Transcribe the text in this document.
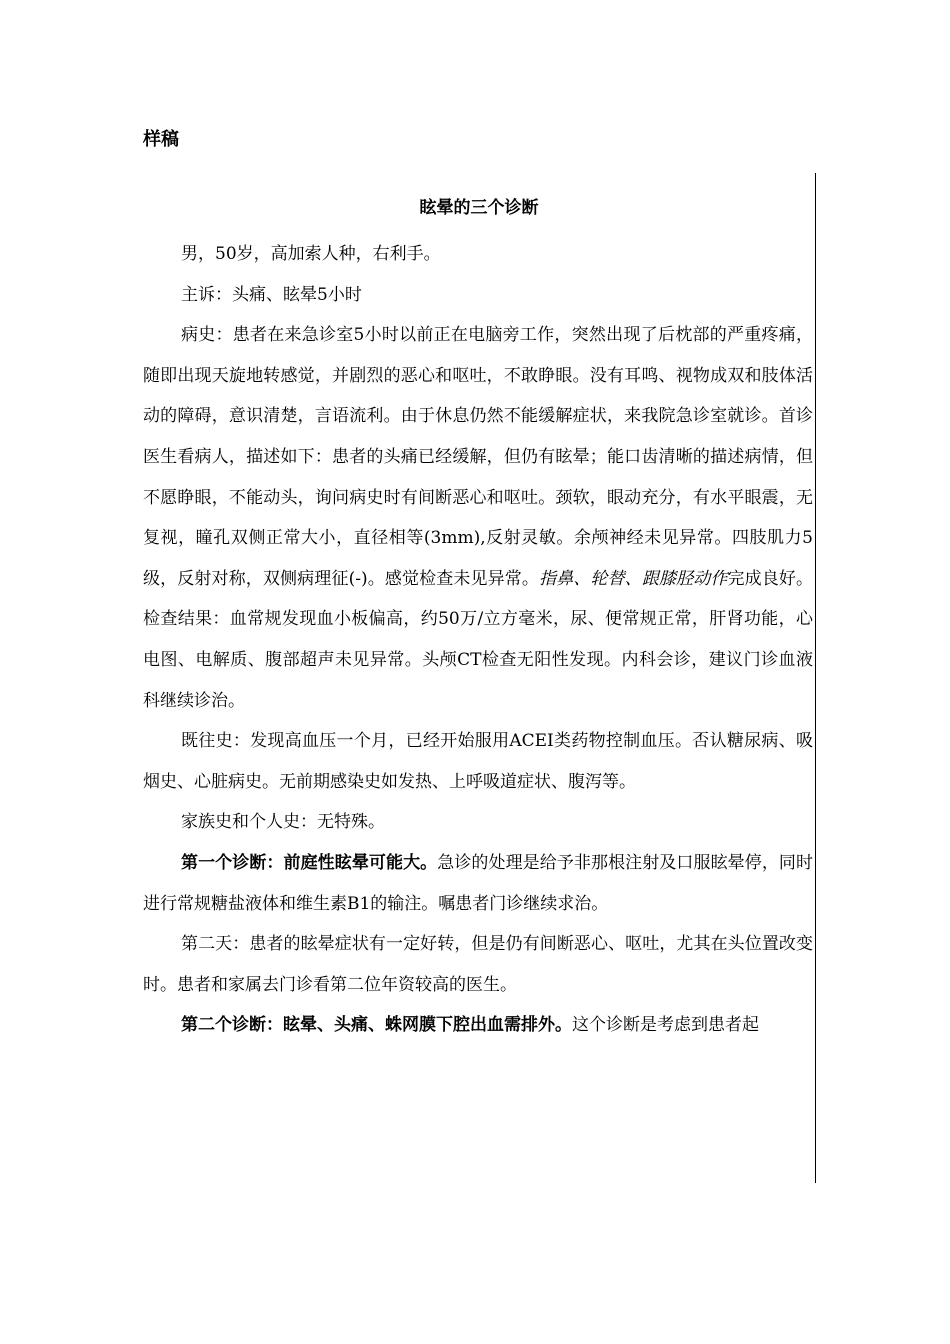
样稿
眩晕的三个诊断

男，50岁，高加索人种，右利手。

主诉：头痛、眩晕5小时

病史：患者在来急诊室5小时以前正在电脑旁工作，突然出现了后枕部的严重疼痛，随即出现天旋地转感觉，并剧烈的恶心和呕吐，不敢睁眼。没有耳鸣、视物成双和肢体活动的障碍，意识清楚，言语流利。由于休息仍然不能缓解症状，来我院急诊室就诊。首诊医生看病人，描述如下：患者的头痛已经缓解，但仍有眩晕；能口齿清晰的描述病情，但不愿睁眼，不能动头，询问病史时有间断恶心和呕吐。颈软，眼动充分，有水平眼震，无复视，瞳孔双侧正常大小，直径相等(3mm),反射灵敏。余颅神经未见异常。四肢肌力5级，反射对称，双侧病理征(-)。感觉检查未见异常。指鼻、轮替、跟膝胫动作完成良好。检查结果：血常规发现血小板偏高，约50万/立方毫米，尿、便常规正常，肝肾功能，心电图、电解质、腹部超声未见异常。头颅CT检查无阳性发现。内科会诊，建议门诊血液科继续诊治。

既往史：发现高血压一个月，已经开始服用ACEI类药物控制血压。否认糖尿病、吸烟史、心脏病史。无前期感染史如发热、上呼吸道症状、腹泻等。

家族史和个人史：无特殊。

第一个诊断：前庭性眩晕可能大。急诊的处理是给予非那根注射及口服眩晕停，同时进行常规糖盐液体和维生素B1的输注。嘱患者门诊继续求治。

第二天：患者的眩晕症状有一定好转，但是仍有间断恶心、呕吐，尤其在头位置改变时。患者和家属去门诊看第二位年资较高的医生。

第二个诊断：眩晕、头痛、蛛网膜下腔出血需排外。这个诊断是考虑到患者起
